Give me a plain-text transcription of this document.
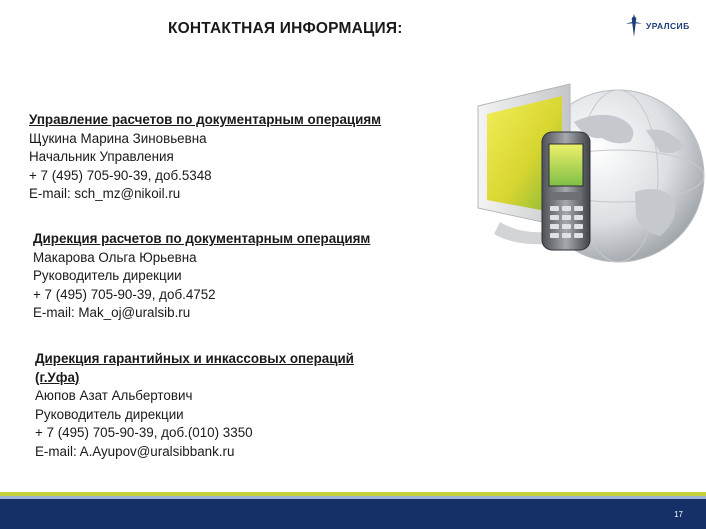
КОНТАКТНАЯ ИНФОРМАЦИЯ:	УРАЛСИБ
Управление расчетов по документарным операциям
Щукина Марина Зиновьевна
Начальник Управления
+ 7 (495) 705-90-39, доб.5348
E-mail: sch_mz@nikoil.ru
Дирекция расчетов по документарным операциям
Макарова Ольга Юрьевна
Руководитель дирекции
+ 7 (495) 705-90-39, доб.4752
E-mail: Mak_oj@uralsib.ru
Дирекция гарантийных и инкассовых операций
(г.Уфа)
Аюпов Азат Альбертович
Руководитель дирекции
+ 7 (495) 705-90-39, доб.(010) 3350
E-mail: A.Ayupov@uralsibbank.ru
17
